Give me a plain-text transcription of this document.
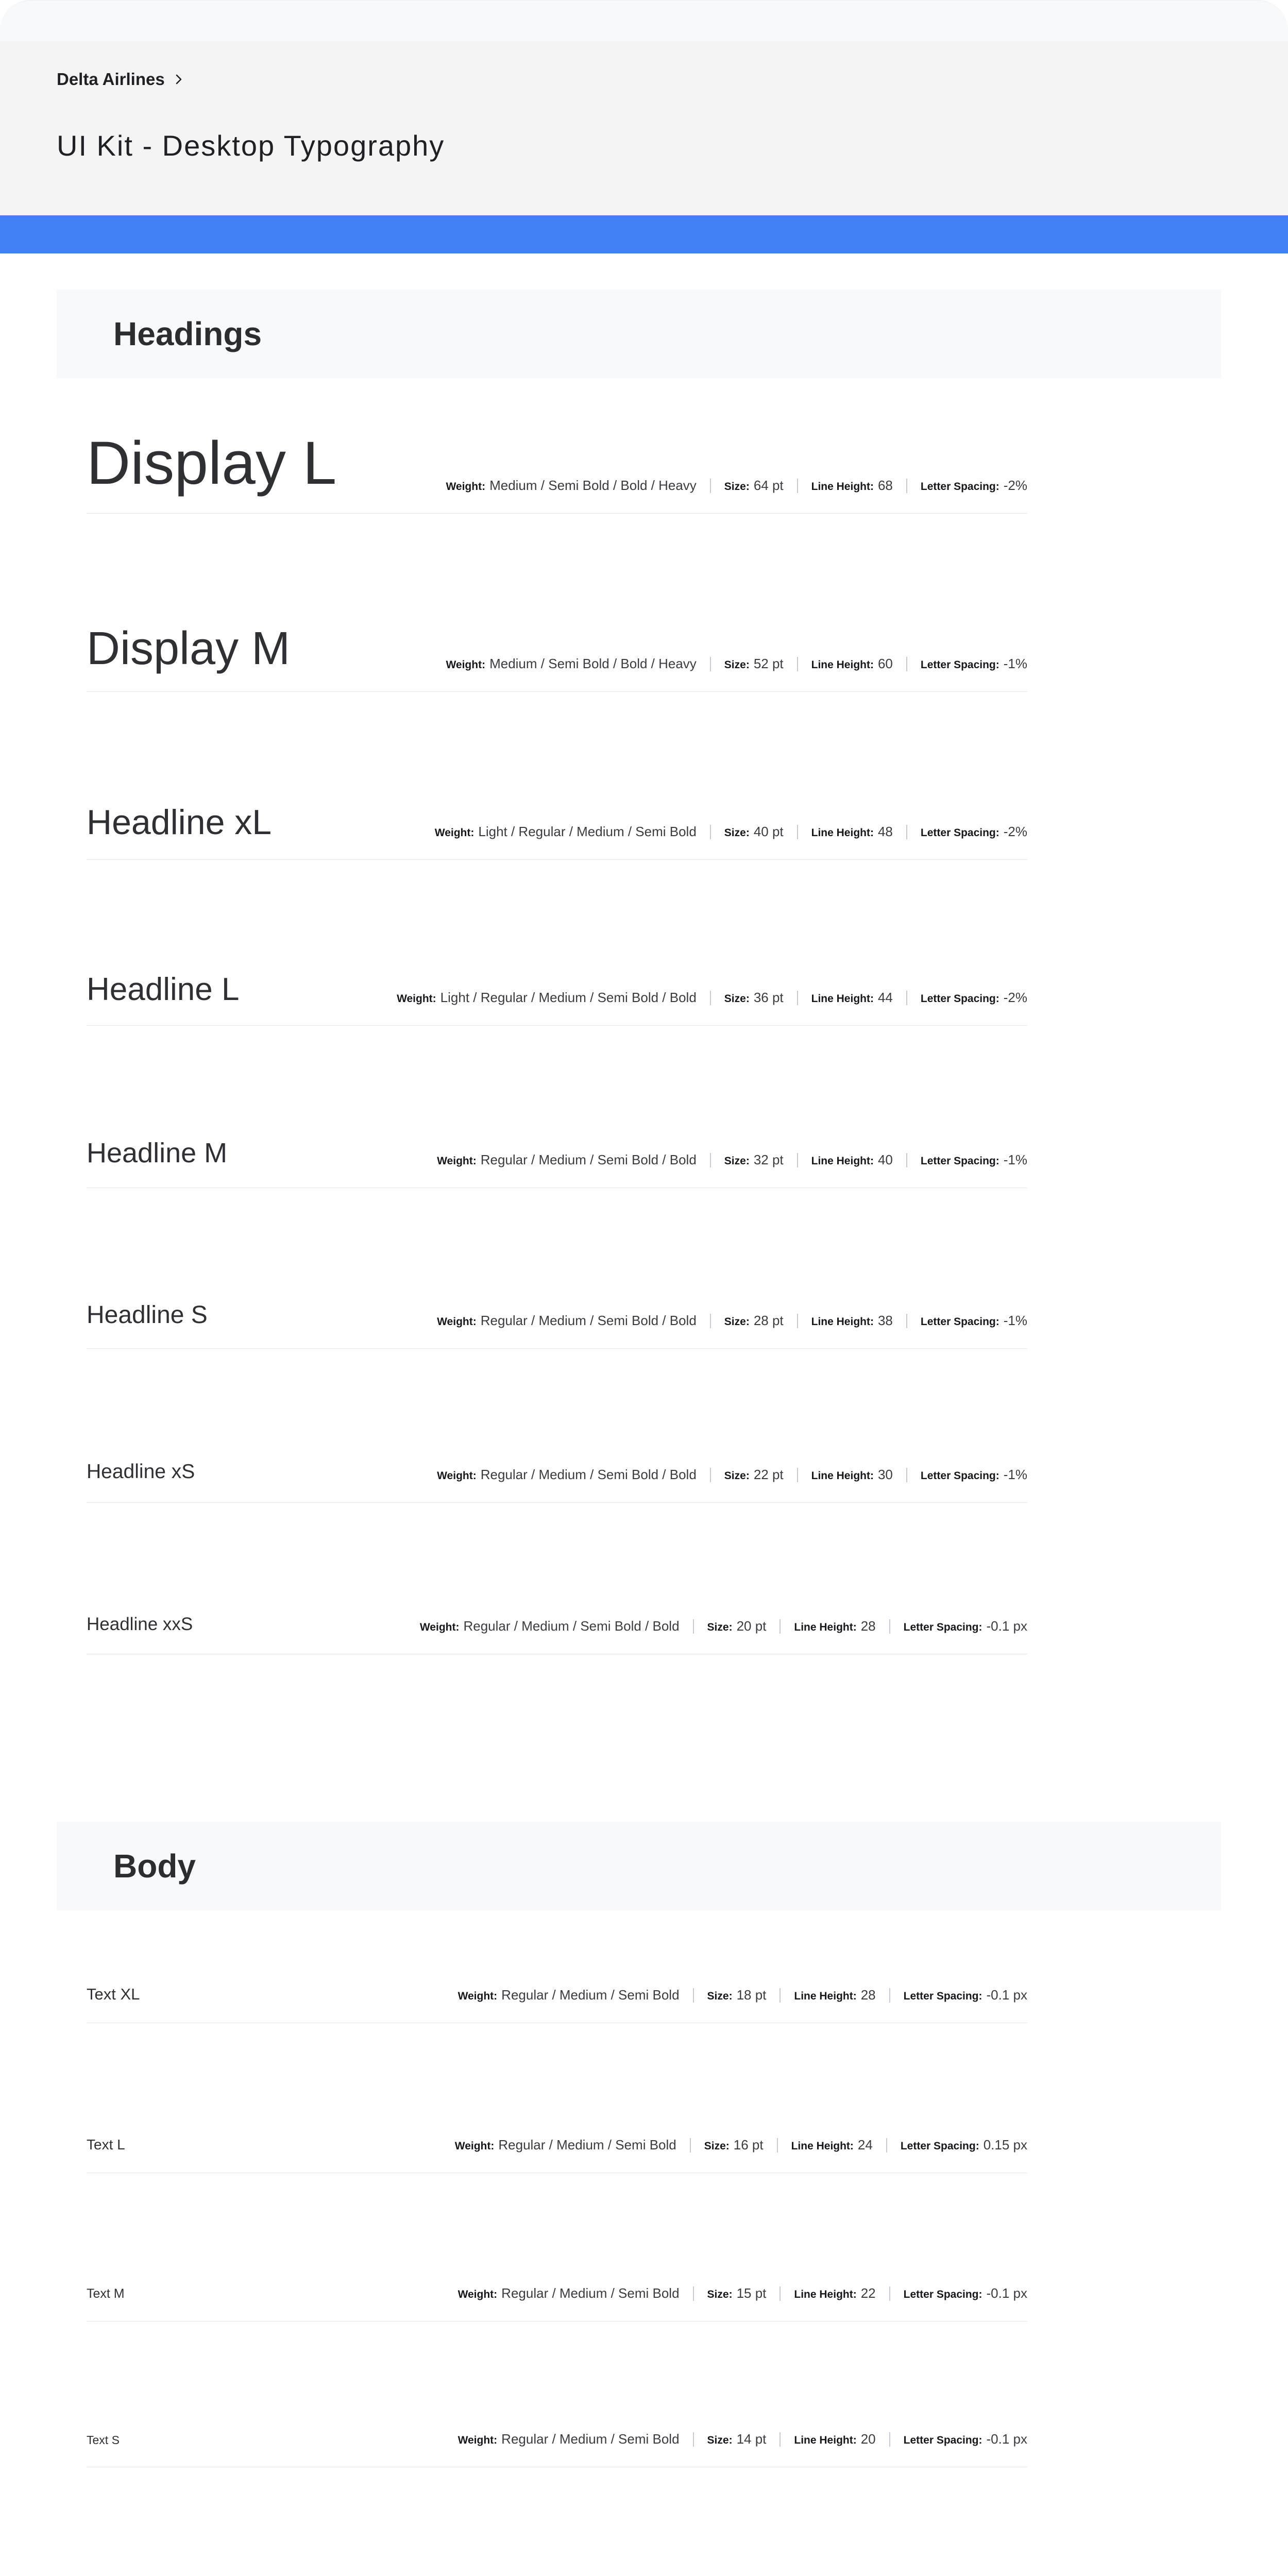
Delta Airlines
UI Kit - Desktop Typography
Headings
Body
Display L	Weight: Medium / Semi Bold / Bold / Heavy	Size: 64 pt	Line Height: 68	Letter Spacing: -2%
Display M	Weight: Medium / Semi Bold / Bold / Heavy	Size: 52 pt	Line Height: 60	Letter Spacing: -1%
Headline xL	Weight: Light / Regular / Medium / Semi Bold	Size: 40 pt	Line Height: 48	Letter Spacing: -2%
Headline L	Weight: Light / Regular / Medium / Semi Bold / Bold	Size: 36 pt	Line Height: 44	Letter Spacing: -2%
Headline M	Weight: Regular / Medium / Semi Bold / Bold	Size: 32 pt	Line Height: 40	Letter Spacing: -1%
Headline S	Weight: Regular / Medium / Semi Bold / Bold	Size: 28 pt	Line Height: 38	Letter Spacing: -1%
Headline xS	Weight: Regular / Medium / Semi Bold / Bold	Size: 22 pt	Line Height: 30	Letter Spacing: -1%
Headline xxS	Weight: Regular / Medium / Semi Bold / Bold	Size: 20 pt	Line Height: 28	Letter Spacing: -0.1 px
Text XL	Weight: Regular / Medium / Semi Bold	Size: 18 pt	Line Height: 28	Letter Spacing: -0.1 px
Text L	Weight: Regular / Medium / Semi Bold	Size: 16 pt	Line Height: 24	Letter Spacing: 0.15 px
Text M	Weight: Regular / Medium / Semi Bold	Size: 15 pt	Line Height: 22	Letter Spacing: -0.1 px
Text S	Weight: Regular / Medium / Semi Bold	Size: 14 pt	Line Height: 20	Letter Spacing: -0.1 px
